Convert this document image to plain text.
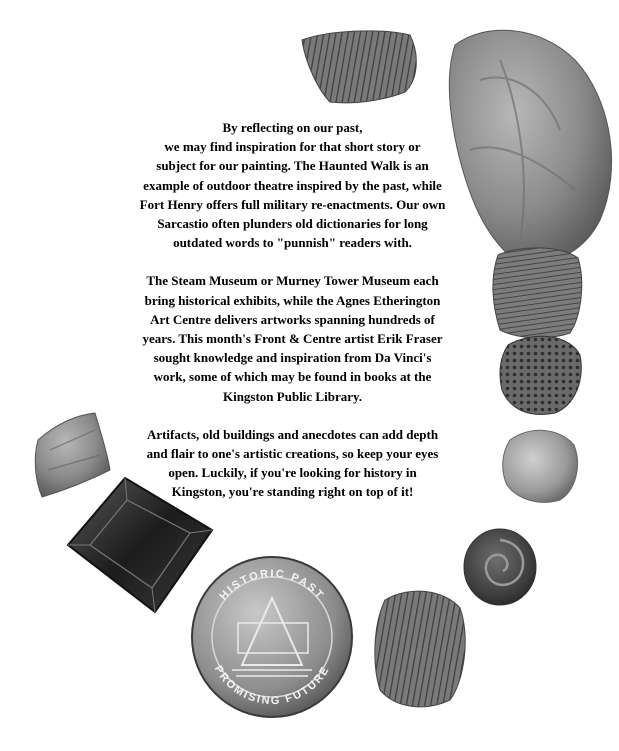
HISTORIC PAST
PROMISING FUTURE

By reflecting on our past,
we may find inspiration for that short story or
subject for our painting. The Haunted Walk is an
example of outdoor theatre inspired by the past, while
Fort Henry offers full military re-enactments. Our own
Sarcastio often plunders old dictionaries for long
outdated words to "punnish" readers with.

The Steam Museum or Murney Tower Museum each
bring historical exhibits, while the Agnes Etherington
Art Centre delivers artworks spanning hundreds of
years. This month's Front & Centre artist Erik Fraser
sought knowledge and inspiration from Da Vinci's
work, some of which may be found in books at the
Kingston Public Library.

Artifacts, old buildings and anecdotes can add depth
and flair to one's artistic creations, so keep your eyes
open. Luckily, if you're looking for history in
Kingston, you're standing right on top of it!
